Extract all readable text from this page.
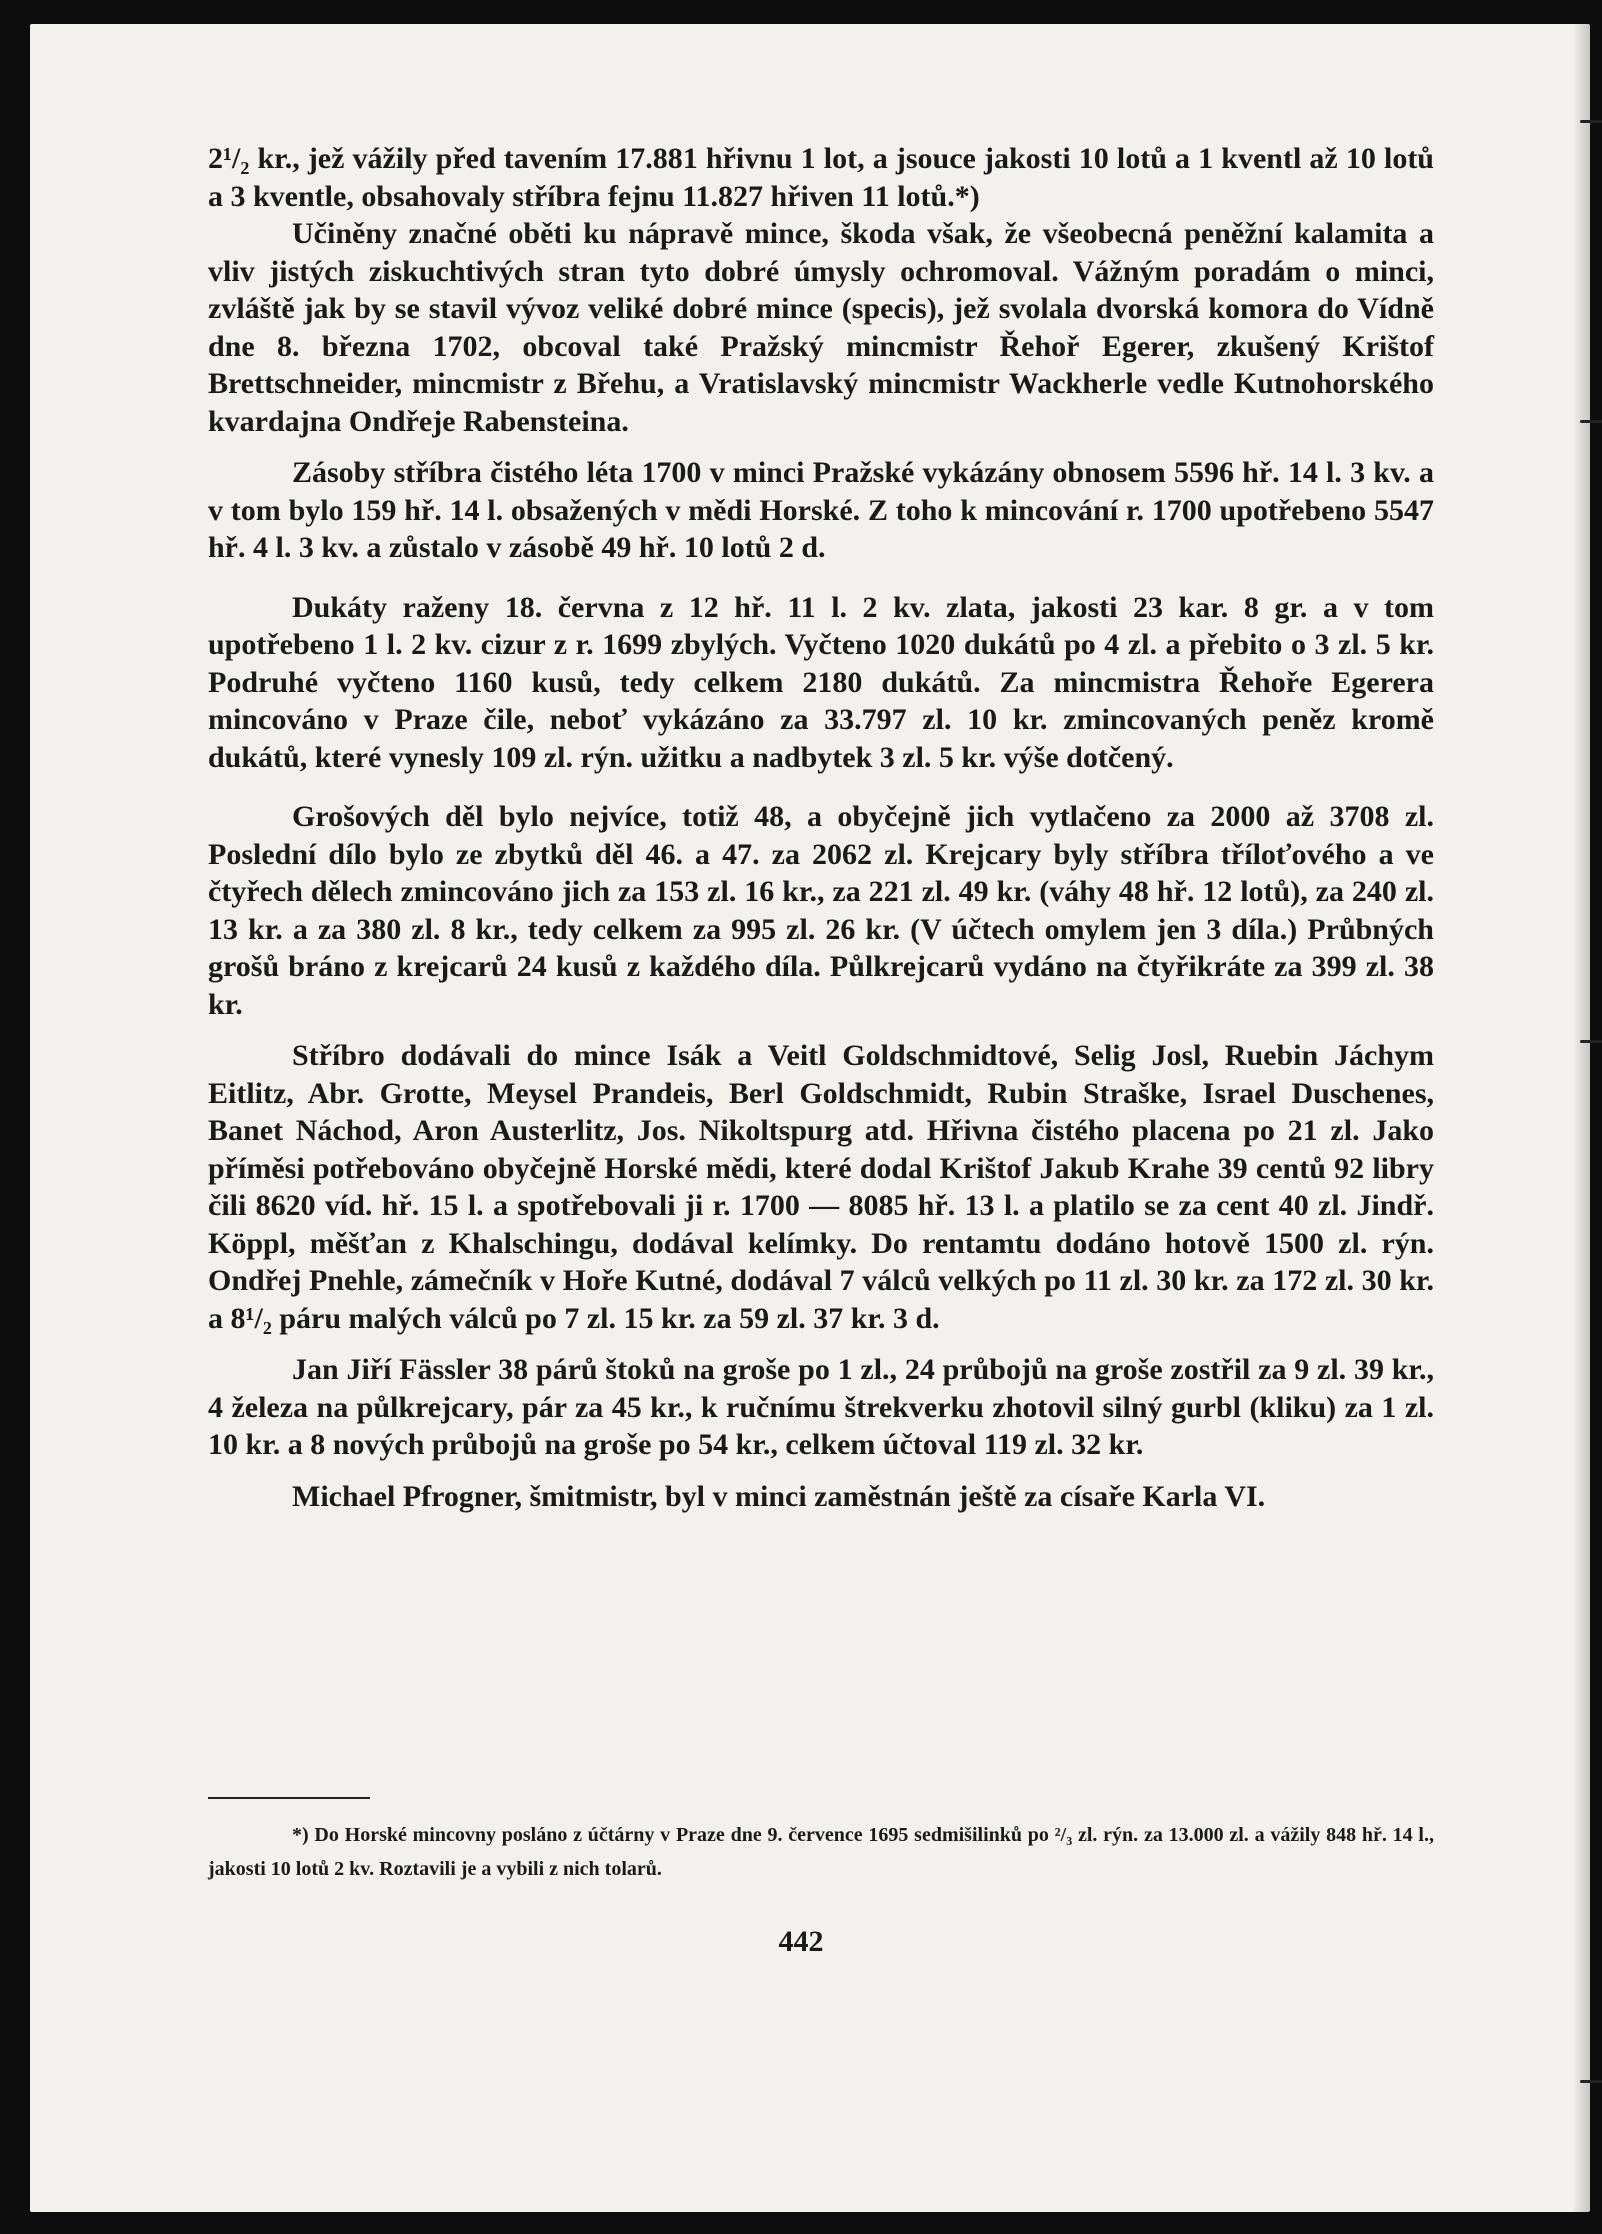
2¹/₂ kr., jež vážily před tavením 17.881 hřivnu 1 lot, a jsouce jakosti 10 lotů a 1 kventl až 10 lotů a 3 kventle, obsahovaly stříbra fejnu 11.827 hřiven 11 lotů.*)

Učiněny značné oběti ku nápravě mince, škoda však, že všeobecná peněžní kalamita a vliv jistých ziskuchtivých stran tyto dobré úmysly ochromoval. Vážným poradám o minci, zvláště jak by se stavil vývoz veliké dobré mince (specis), jež svolala dvorská komora do Vídně dne 8. března 1702, obcoval také Pražský mincmistr Řehoř Egerer, zkušený Krištof Brettschneider, mincmistr z Břehu, a Vratislavský mincmistr Wackherle vedle Kutnohorského kvardajna Ondřeje Rabensteina.

Zásoby stříbra čistého léta 1700 v minci Pražské vykázány obnosem 5596 hř. 14 l. 3 kv. a v tom bylo 159 hř. 14 l. obsažených v mědi Horské. Z toho k mincování r. 1700 upotřebeno 5547 hř. 4 l. 3 kv. a zůstalo v zásobě 49 hř. 10 lotů 2 d.

Dukáty raženy 18. června z 12 hř. 11 l. 2 kv. zlata, jakosti 23 kar. 8 gr. a v tom upotřebeno 1 l. 2 kv. cizur z r. 1699 zbylých. Vyčteno 1020 dukátů po 4 zl. a přebito o 3 zl. 5 kr. Podruhé vyčteno 1160 kusů, tedy celkem 2180 dukátů. Za mincmistra Řehoře Egerera mincováno v Praze čile, neboť vykázáno za 33.797 zl. 10 kr. zmincovaných peněz kromě dukátů, které vynesly 109 zl. rýn. užitku a nadbytek 3 zl. 5 kr. výše dotčený.

Grošových děl bylo nejvíce, totiž 48, a obyčejně jich vytlačeno za 2000 až 3708 zl. Poslední dílo bylo ze zbytků děl 46. a 47. za 2062 zl. Krejcary byly stříbra tříloťového a ve čtyřech dělech zmincováno jich za 153 zl. 16 kr., za 221 zl. 49 kr. (váhy 48 hř. 12 lotů), za 240 zl. 13 kr. a za 380 zl. 8 kr., tedy celkem za 995 zl. 26 kr. (V účtech omylem jen 3 díla.) Průbných grošů bráno z krejcarů 24 kusů z každého díla. Půlkrejcarů vydáno na čtyřikráte za 399 zl. 38 kr.

Stříbro dodávali do mince Isák a Veitl Goldschmidtové, Selig Josl, Ruebin Jáchym Eitlitz, Abr. Grotte, Meysel Prandeis, Berl Goldschmidt, Rubin Straške, Israel Duschenes, Banet Náchod, Aron Austerlitz, Jos. Nikoltspurg atd. Hřivna čistého placena po 21 zl. Jako příměsi potřebováno obyčejně Horské mědi, které dodal Krištof Jakub Krahe 39 centů 92 libry čili 8620 víd. hř. 15 l. a spotřebovali ji r. 1700 — 8085 hř. 13 l. a platilo se za cent 40 zl. Jindř. Köppl, měšťan z Khalschingu, dodával kelímky. Do rentamtu dodáno hotově 1500 zl. rýn. Ondřej Pnehle, zámečník v Hoře Kutné, dodával 7 válců velkých po 11 zl. 30 kr. za 172 zl. 30 kr. a 8¹/₂ páru malých válců po 7 zl. 15 kr. za 59 zl. 37 kr. 3 d.

Jan Jiří Fässler 38 párů štoků na groše po 1 zl., 24 průbojů na groše zostřil za 9 zl. 39 kr., 4 železa na půlkrejcary, pár za 45 kr., k ručnímu štrekverku zhotovil silný gurbl (kliku) za 1 zl. 10 kr. a 8 nových průbojů na groše po 54 kr., celkem účtoval 119 zl. 32 kr.

Michael Pfrogner, šmitmistr, byl v minci zaměstnán ještě za císaře Karla VI.

*) Do Horské mincovny posláno z účtárny v Praze dne 9. července 1695 sedmišilinků po ²/₃ zl. rýn. za 13.000 zl. a vážily 848 hř. 14 l., jakosti 10 lotů 2 kv. Roztavili je a vybili z nich tolarů.
442
